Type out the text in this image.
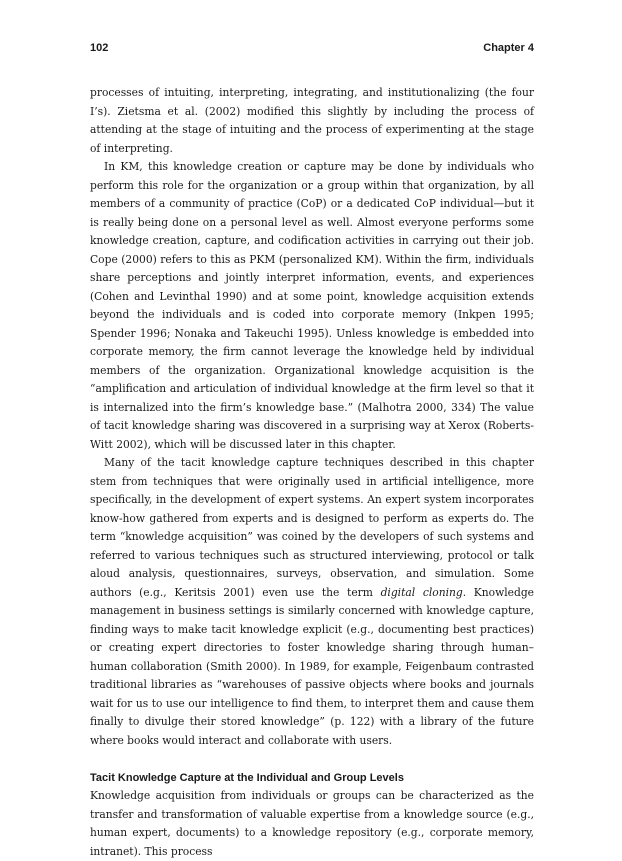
102	Chapter 4

processes of intuiting, interpreting, integrating, and institutionalizing (the four I’s). Zietsma et al. (2002) modified this slightly by including the process of attending at the stage of intuiting and the process of experimenting at the stage of interpreting.

In KM, this knowledge creation or capture may be done by individuals who perform this role for the organization or a group within that organization, by all members of a community of practice (CoP) or a dedicated CoP individual—but it is really being done on a personal level as well. Almost everyone performs some knowledge creation, capture, and codification activities in carrying out their job. Cope (2000) refers to this as PKM (personalized KM). Within the firm, individuals share perceptions and jointly interpret information, events, and experiences (Cohen and Levinthal 1990) and at some point, knowledge acquisition extends beyond the individuals and is coded into corporate memory (Inkpen 1995; Spender 1996; Nonaka and Takeuchi 1995). Unless knowledge is embedded into corporate memory, the firm cannot leverage the knowledge held by individual members of the organization. Organizational knowledge acquisition is the “amplification and articulation of individual knowledge at the firm level so that it is internalized into the firm’s knowledge base.” (Malhotra 2000, 334) The value of tacit knowledge sharing was discovered in a surprising way at Xerox (Roberts-Witt 2002), which will be discussed later in this chapter.

Many of the tacit knowledge capture techniques described in this chapter stem from techniques that were originally used in artificial intelligence, more specifically, in the development of expert systems. An expert system incorporates know-how gathered from experts and is designed to perform as experts do. The term “knowledge acquisition” was coined by the developers of such systems and referred to various techniques such as structured interviewing, protocol or talk aloud analysis, questionnaires, surveys, observation, and simulation. Some authors (e.g., Keritsis 2001) even use the term digital cloning. Knowledge management in business settings is similarly concerned with knowledge capture, finding ways to make tacit knowledge explicit (e.g., documenting best practices) or creating expert directories to foster knowledge sharing through human–human collaboration (Smith 2000). In 1989, for example, Feigenbaum contrasted traditional libraries as “warehouses of passive objects where books and journals wait for us to use our intelligence to find them, to interpret them and cause them finally to divulge their stored knowledge” (p. 122) with a library of the future where books would interact and collaborate with users.

Tacit Knowledge Capture at the Individual and Group Levels

Knowledge acquisition from individuals or groups can be characterized as the transfer and transformation of valuable expertise from a knowledge source (e.g., human expert, documents) to a knowledge repository (e.g., corporate memory, intranet). This process
